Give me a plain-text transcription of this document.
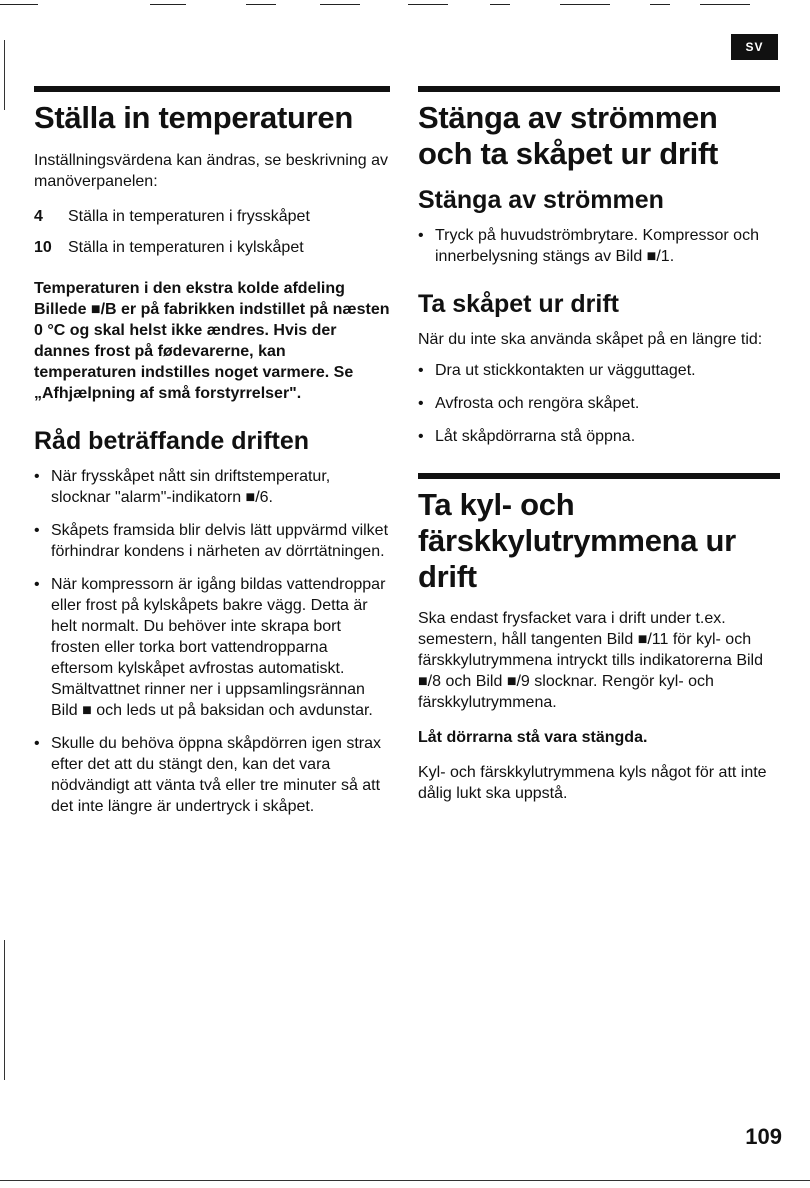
SV
Ställa in temperaturen

Inställningsvärdena kan ändras, se beskrivning av manöverpanelen:

4	Ställa in temperaturen i frysskåpet
10	Ställa in temperaturen i kylskåpet

Temperaturen i den ekstra kolde afdeling Billede ■/B er på fabrikken indstillet på næsten 0 °C og skal helst ikke ændres. Hvis der dannes frost på fødevarerne, kan temperaturen indstilles noget varmere. Se „Afhjælpning af små forstyrrelser".

Råd beträffande driften
• När frysskåpet nått sin driftstemperatur, slocknar "alarm"-indikatorn ■/6.
• Skåpets framsida blir delvis lätt uppvärmd vilket förhindrar kondens i närheten av dörrtätningen.
• När kompressorn är igång bildas vattendroppar eller frost på kylskåpets bakre vägg. Detta är helt normalt. Du behöver inte skrapa bort frosten eller torka bort vattendropparna eftersom kylskåpet avfrostas automatiskt. Smältvattnet rinner ner i uppsamlingsrännan Bild ■ och leds ut på baksidan och avdunstar.
• Skulle du behöva öppna skåpdörren igen strax efter det att du stängt den, kan det vara nödvändigt att vänta två eller tre minuter så att det inte längre är undertryck i skåpet.
Stänga av strömmen och ta skåpet ur drift
Stänga av strömmen
• Tryck på huvudströmbrytare. Kompressor och innerbelysning stängs av Bild ■/1.
Ta skåpet ur drift

När du inte ska använda skåpet på en längre tid:

• Dra ut stickkontakten ur vägguttaget.
• Avfrosta och rengöra skåpet.
• Låt skåpdörrarna stå öppna.
Ta kyl- och färskkylutrymmena ur drift

Ska endast frysfacket vara i drift under t.ex. semestern, håll tangenten Bild ■/11 för kyl- och färskkylutrymmena intryckt tills indikatorerna Bild ■/8 och Bild ■/9 slocknar. Rengör kyl- och färskkylutrymmena.

Låt dörrarna stå vara stängda.

Kyl- och färskkylutrymmena kyls något för att inte dålig lukt ska uppstå.

109
